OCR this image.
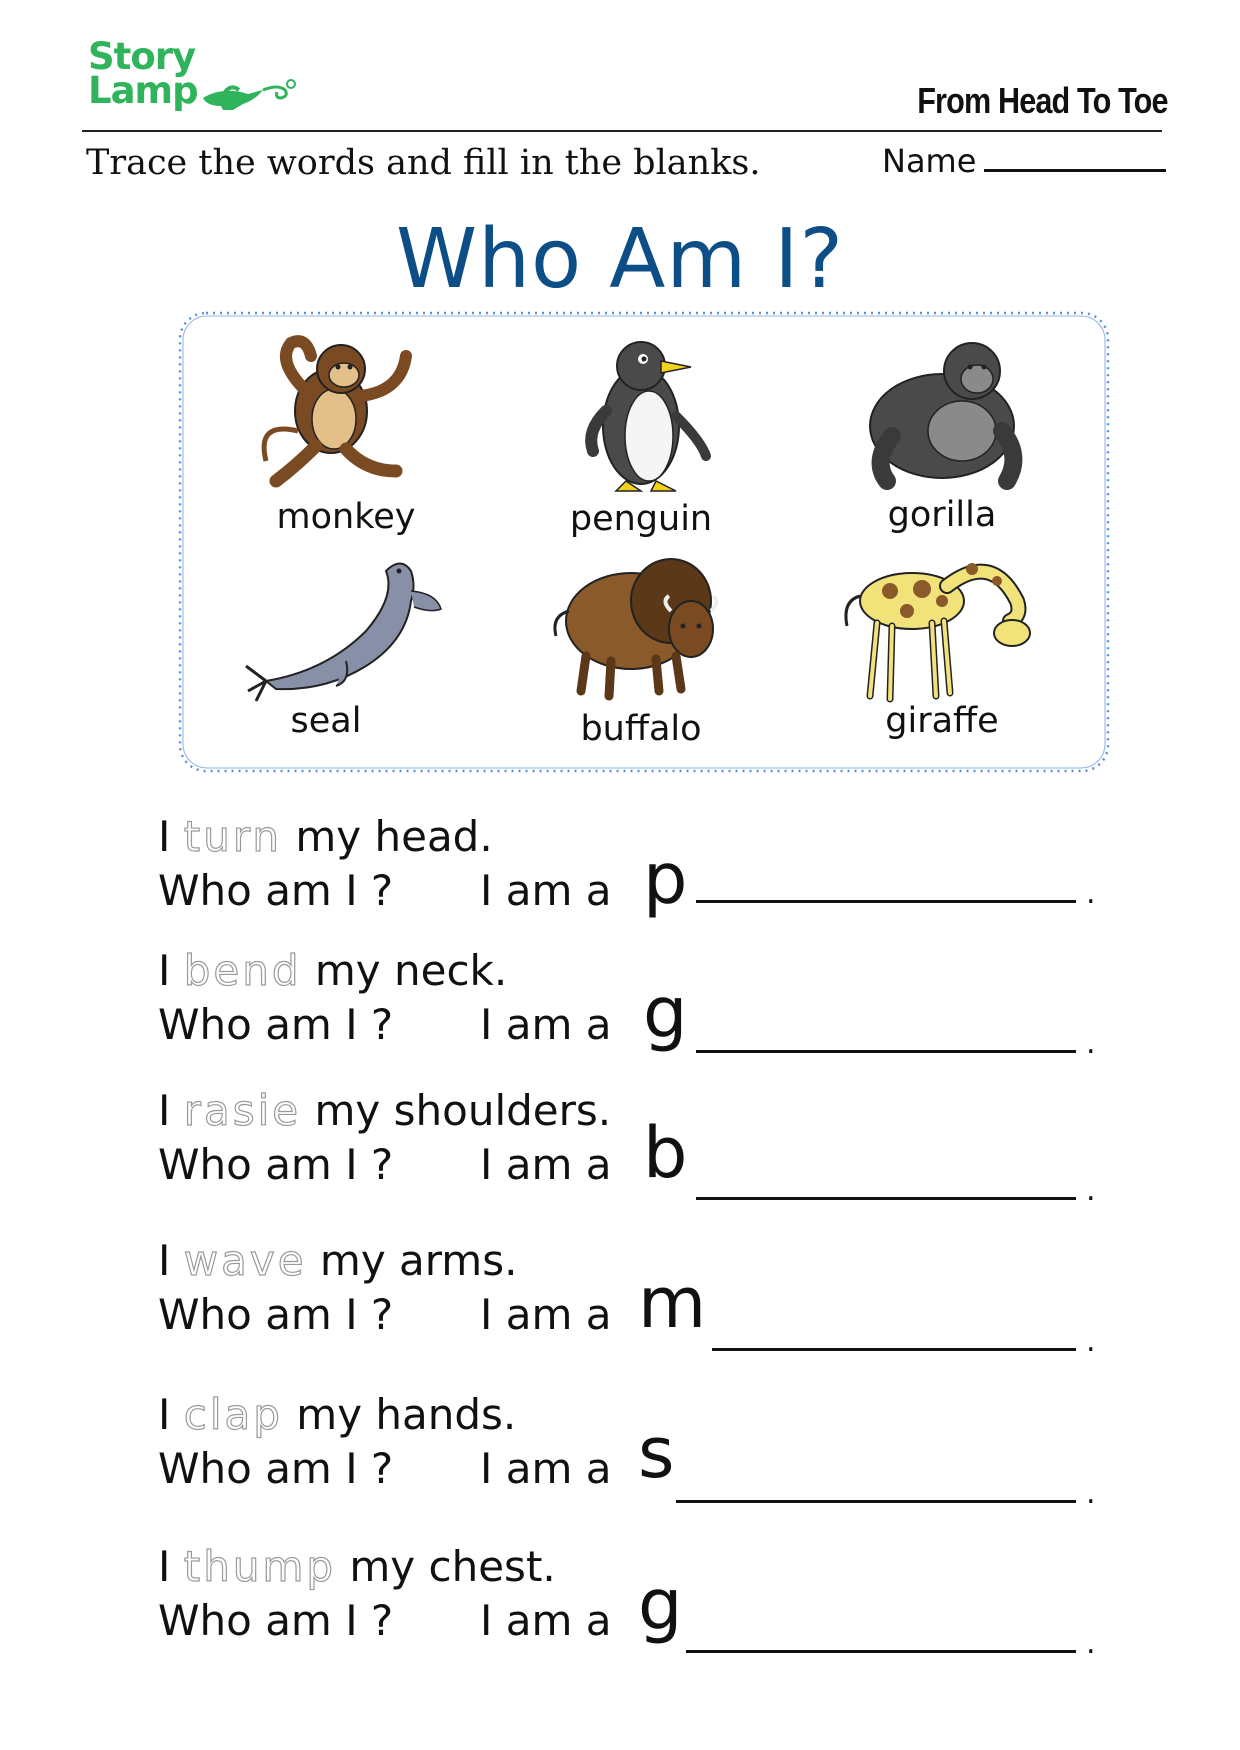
Story
Lamp	From Head To Toe
Trace the words and fill in the blanks.	Name
Who Am I?
monkey	penguin	gorilla
seal	buffalo	giraffe
I turn my head.
Who am I ? I am a p	.
I bend my neck.
Who am I ? I am a g	.
I rasie my shoulders.
Who am I ? I am a b	.
I wave my arms.
Who am I ? I am a m	.
I clap my hands.
Who am I ? I am a s	.
I thump my chest.
Who am I ? I am a g	.
